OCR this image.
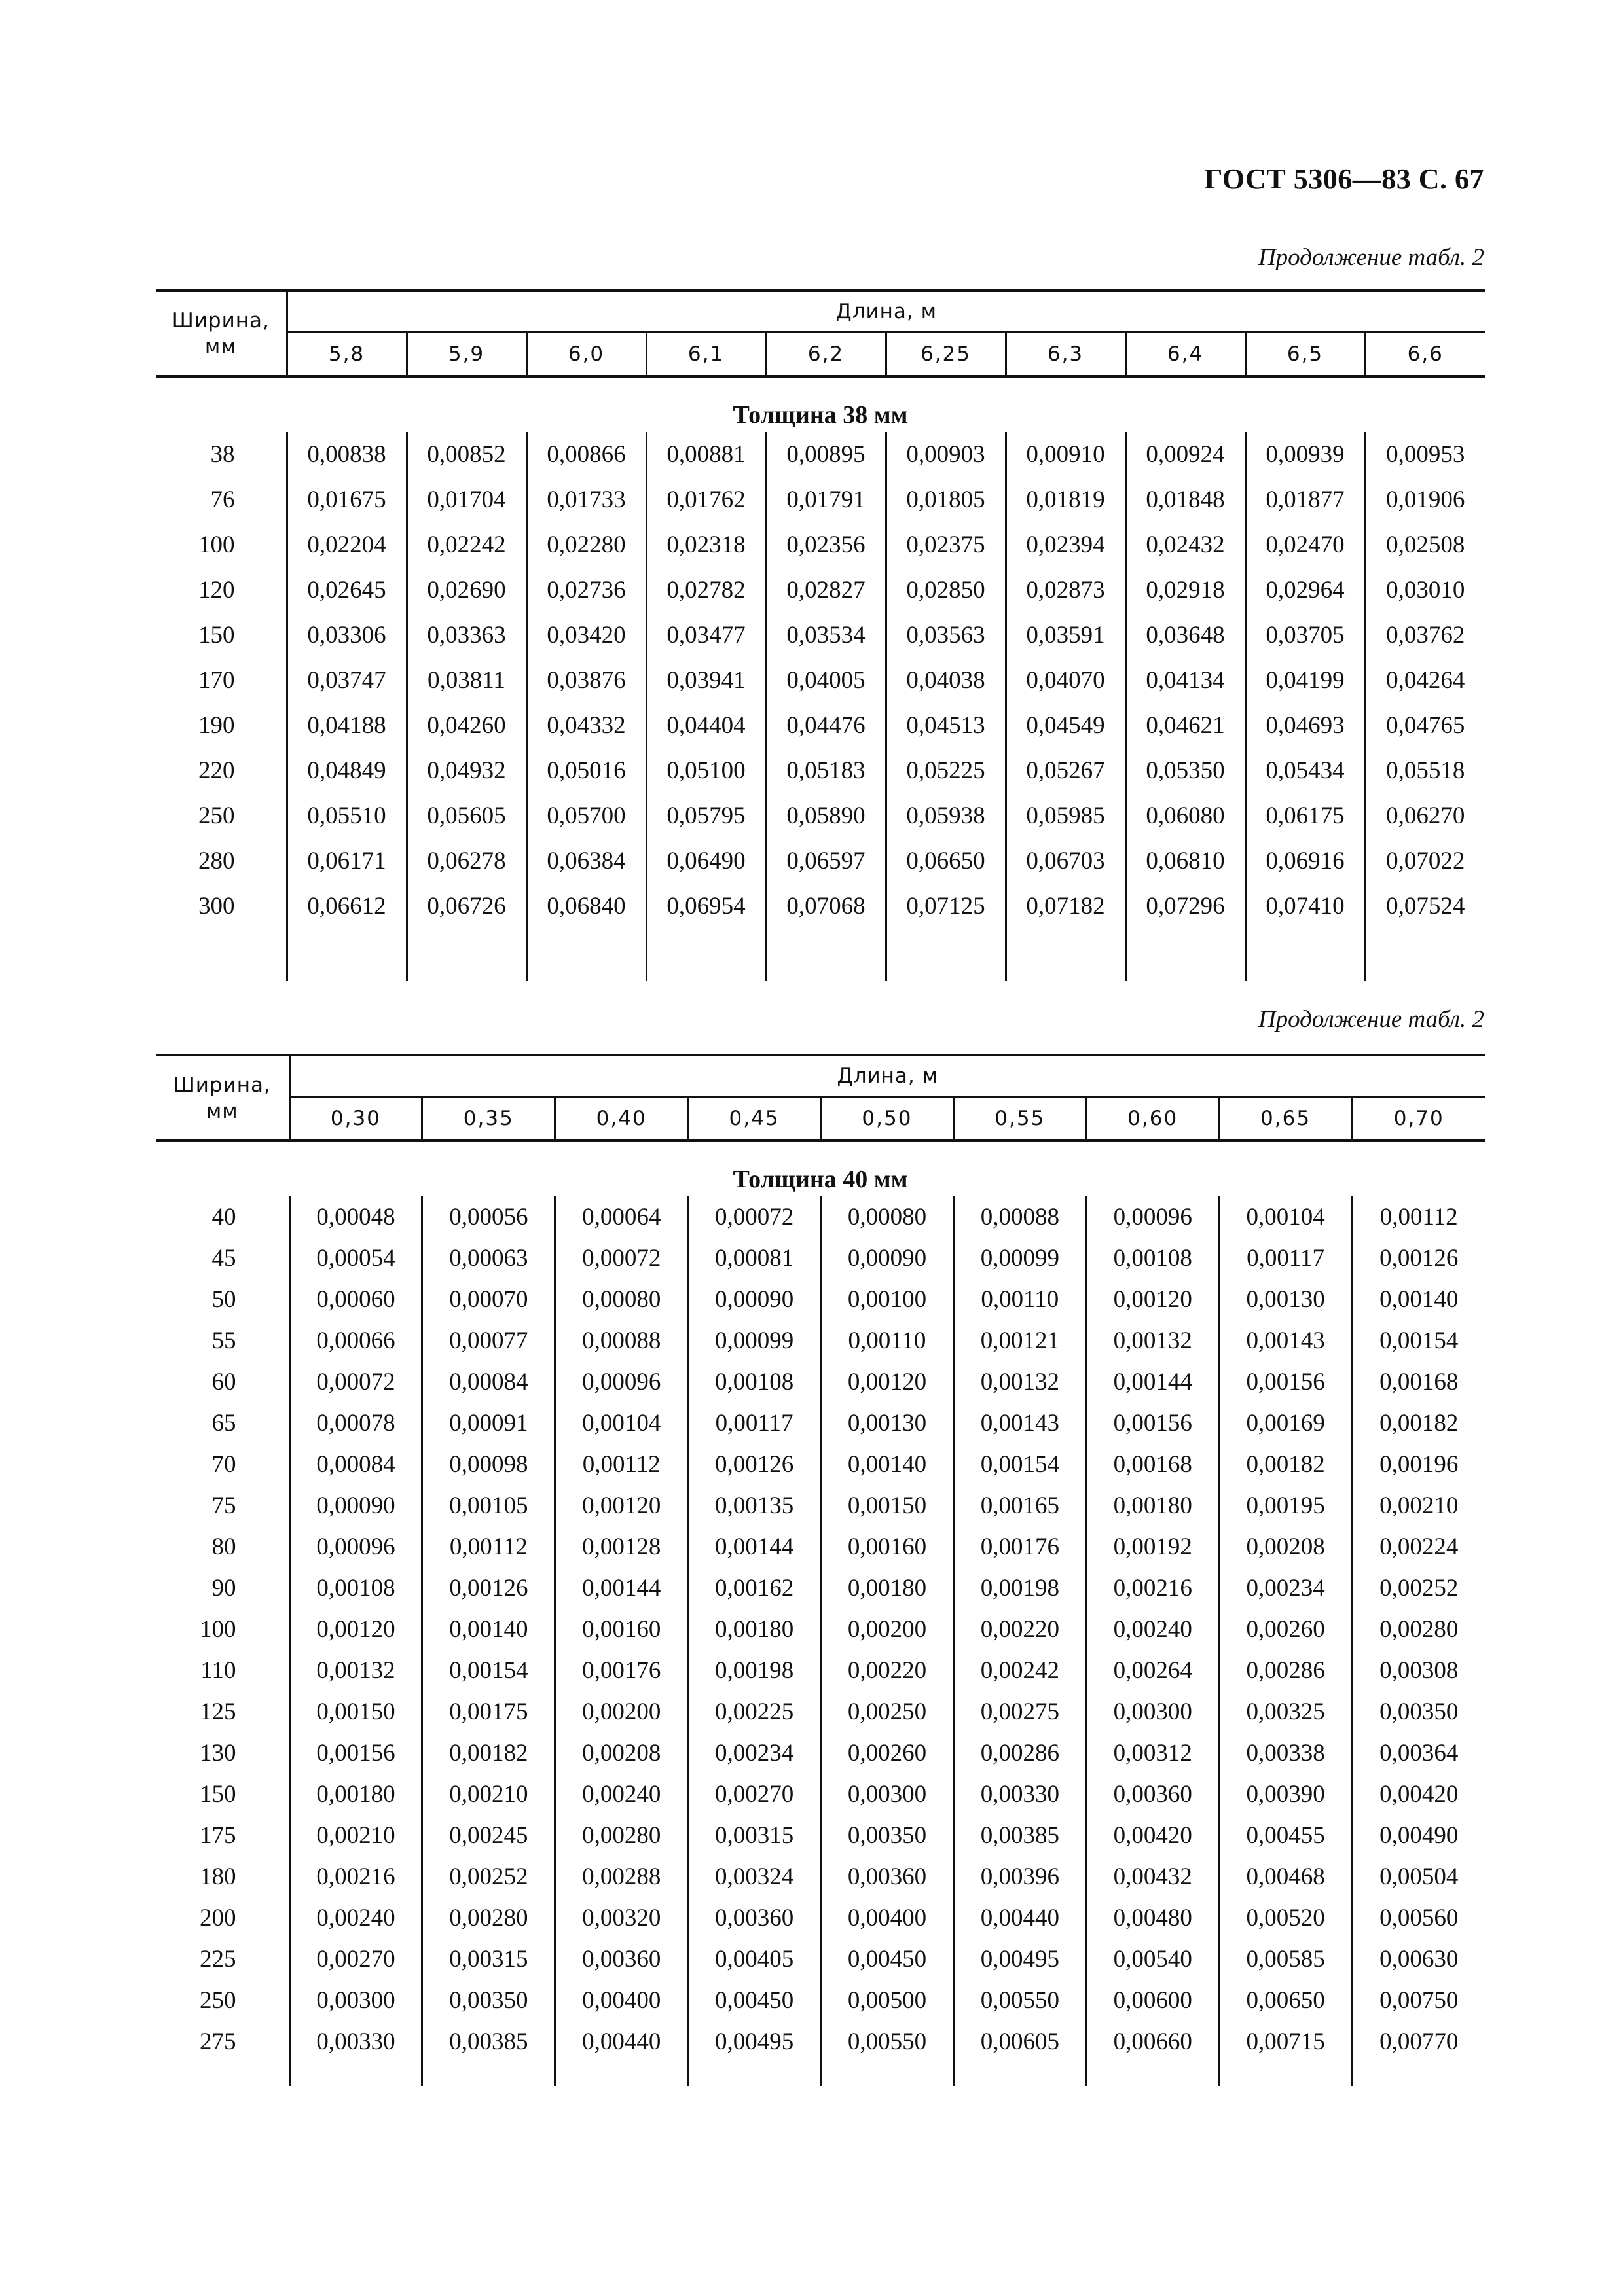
ГОСТ 5306—83 С. 67
Продолжение табл. 2
Ширина,
мм	Длина, м									
	5,8	5,9	6,0	6,1	6,2	6,25	6,3	6,4	6,5	6,6
Толщина 38 мм										
38	0,00838	0,00852	0,00866	0,00881	0,00895	0,00903	0,00910	0,00924	0,00939	0,00953
76	0,01675	0,01704	0,01733	0,01762	0,01791	0,01805	0,01819	0,01848	0,01877	0,01906
100	0,02204	0,02242	0,02280	0,02318	0,02356	0,02375	0,02394	0,02432	0,02470	0,02508
120	0,02645	0,02690	0,02736	0,02782	0,02827	0,02850	0,02873	0,02918	0,02964	0,03010
150	0,03306	0,03363	0,03420	0,03477	0,03534	0,03563	0,03591	0,03648	0,03705	0,03762
170	0,03747	0,03811	0,03876	0,03941	0,04005	0,04038	0,04070	0,04134	0,04199	0,04264
190	0,04188	0,04260	0,04332	0,04404	0,04476	0,04513	0,04549	0,04621	0,04693	0,04765
220	0,04849	0,04932	0,05016	0,05100	0,05183	0,05225	0,05267	0,05350	0,05434	0,05518
250	0,05510	0,05605	0,05700	0,05795	0,05890	0,05938	0,05985	0,06080	0,06175	0,06270
280	0,06171	0,06278	0,06384	0,06490	0,06597	0,06650	0,06703	0,06810	0,06916	0,07022
300	0,06612	0,06726	0,06840	0,06954	0,07068	0,07125	0,07182	0,07296	0,07410	0,07524

Продолжение табл. 2
Ширина,
мм	Длина, м								
	0,30	0,35	0,40	0,45	0,50	0,55	0,60	0,65	0,70
Толщина 40 мм									
40	0,00048	0,00056	0,00064	0,00072	0,00080	0,00088	0,00096	0,00104	0,00112
45	0,00054	0,00063	0,00072	0,00081	0,00090	0,00099	0,00108	0,00117	0,00126
50	0,00060	0,00070	0,00080	0,00090	0,00100	0,00110	0,00120	0,00130	0,00140
55	0,00066	0,00077	0,00088	0,00099	0,00110	0,00121	0,00132	0,00143	0,00154
60	0,00072	0,00084	0,00096	0,00108	0,00120	0,00132	0,00144	0,00156	0,00168
65	0,00078	0,00091	0,00104	0,00117	0,00130	0,00143	0,00156	0,00169	0,00182
70	0,00084	0,00098	0,00112	0,00126	0,00140	0,00154	0,00168	0,00182	0,00196
75	0,00090	0,00105	0,00120	0,00135	0,00150	0,00165	0,00180	0,00195	0,00210
80	0,00096	0,00112	0,00128	0,00144	0,00160	0,00176	0,00192	0,00208	0,00224
90	0,00108	0,00126	0,00144	0,00162	0,00180	0,00198	0,00216	0,00234	0,00252
100	0,00120	0,00140	0,00160	0,00180	0,00200	0,00220	0,00240	0,00260	0,00280
110	0,00132	0,00154	0,00176	0,00198	0,00220	0,00242	0,00264	0,00286	0,00308
125	0,00150	0,00175	0,00200	0,00225	0,00250	0,00275	0,00300	0,00325	0,00350
130	0,00156	0,00182	0,00208	0,00234	0,00260	0,00286	0,00312	0,00338	0,00364
150	0,00180	0,00210	0,00240	0,00270	0,00300	0,00330	0,00360	0,00390	0,00420
175	0,00210	0,00245	0,00280	0,00315	0,00350	0,00385	0,00420	0,00455	0,00490
180	0,00216	0,00252	0,00288	0,00324	0,00360	0,00396	0,00432	0,00468	0,00504
200	0,00240	0,00280	0,00320	0,00360	0,00400	0,00440	0,00480	0,00520	0,00560
225	0,00270	0,00315	0,00360	0,00405	0,00450	0,00495	0,00540	0,00585	0,00630
250	0,00300	0,00350	0,00400	0,00450	0,00500	0,00550	0,00600	0,00650	0,00750
275	0,00330	0,00385	0,00440	0,00495	0,00550	0,00605	0,00660	0,00715	0,00770
